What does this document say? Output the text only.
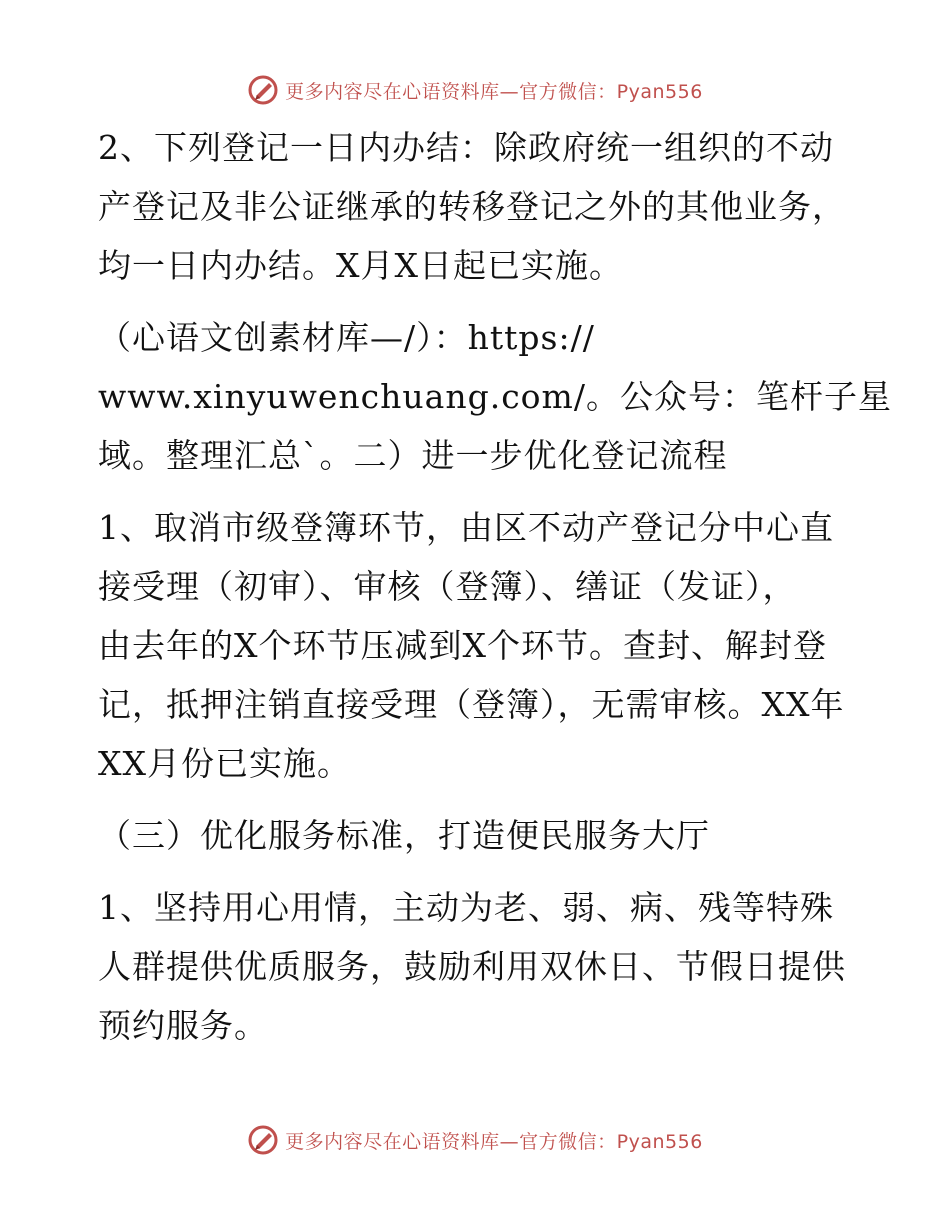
更多内容尽在心语资料库—官方微信：Pyan556
2、下列登记一日内办结：除政府统一组织的不动
产登记及非公证继承的转移登记之外的其他业务，
均一日内办结。X月X日起已实施。
（心语文创素材库—/）：https://
www.xinyuwenchuang.com/。公众号：笔杆子星
域。整理汇总`。二）进一步优化登记流程
1、取消市级登簿环节，由区不动产登记分中心直
接受理（初审）、审核（登簿）、缮证（发证），
由去年的X个环节压减到X个环节。查封、解封登
记，抵押注销直接受理（登簿），无需审核。XX年
XX月份已实施。
（三）优化服务标准，打造便民服务大厅
1、坚持用心用情，主动为老、弱、病、残等特殊
人群提供优质服务，鼓励利用双休日、节假日提供
预约服务。
更多内容尽在心语资料库—官方微信：Pyan556
